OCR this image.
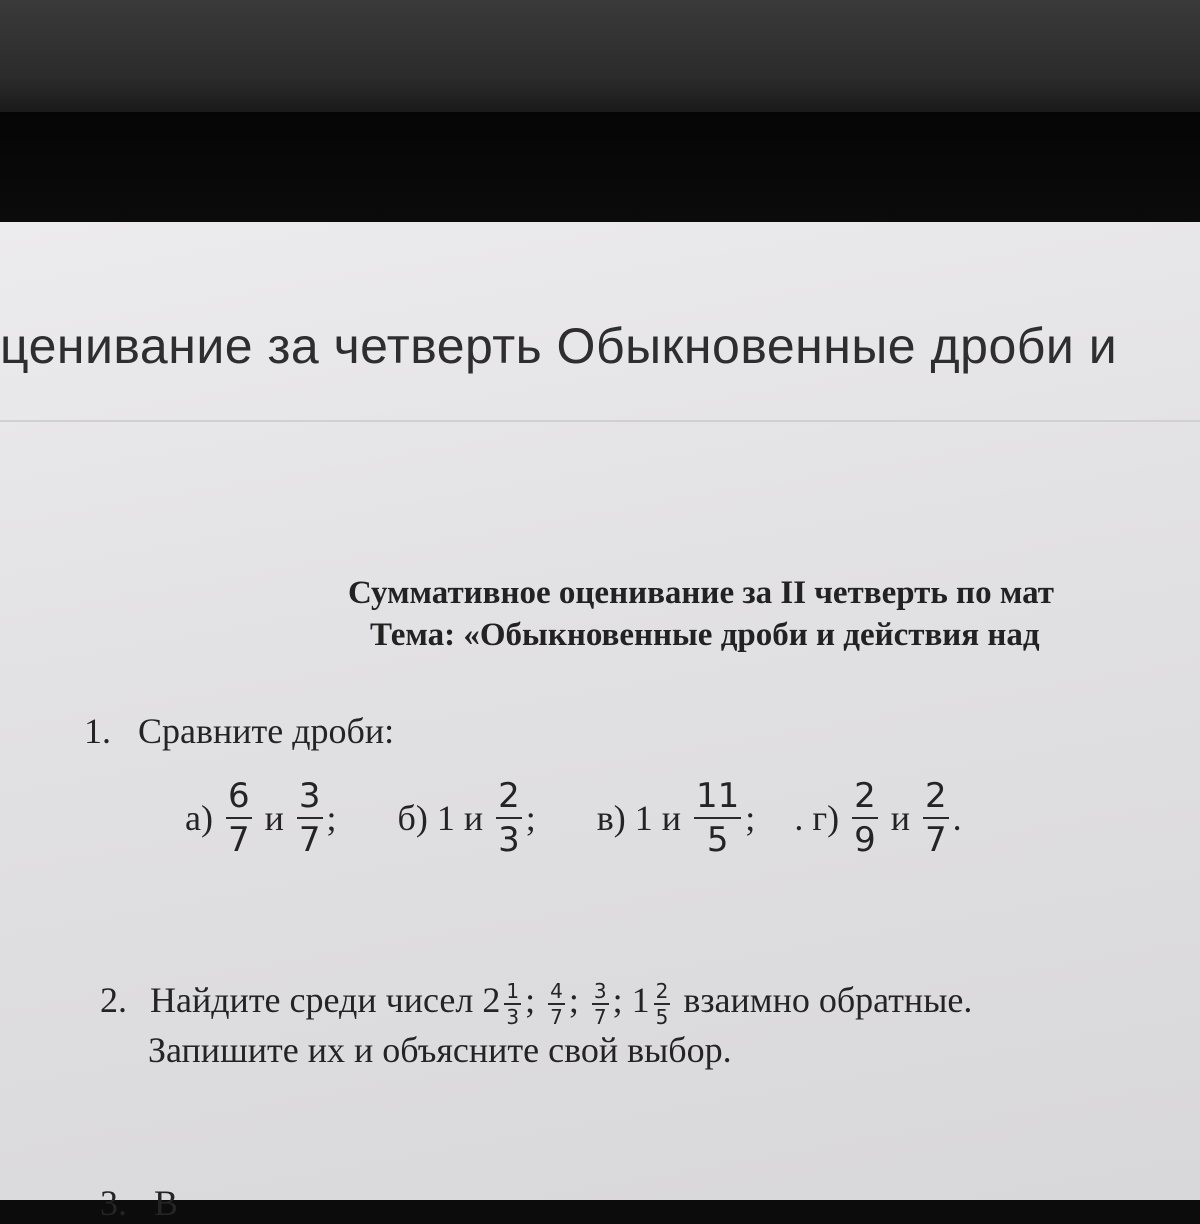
ценивание за четверть Обыкновенные дроби и
Суммативное оценивание за II четверть по мат
Тема: «Обыкновенные дроби и действия над
1. Сравните дроби:
$а) \frac{6}{7}$ и $\frac{3}{7}$ ; б) 1 и $\frac{2}{3}$ ; в) 1 и $\frac{11}{5}$ ; . $г) \frac{2}{9}$ и $\frac{2}{7}$ .
2. Найдите среди чисел $2 \frac{1}{3}$ ; $\frac{4}{7}$ ; $\frac{3}{7}$ ; $1 \frac{2}{5}$ взаимно обратные.
Запишите их и объясните свой выбор.
3. В
